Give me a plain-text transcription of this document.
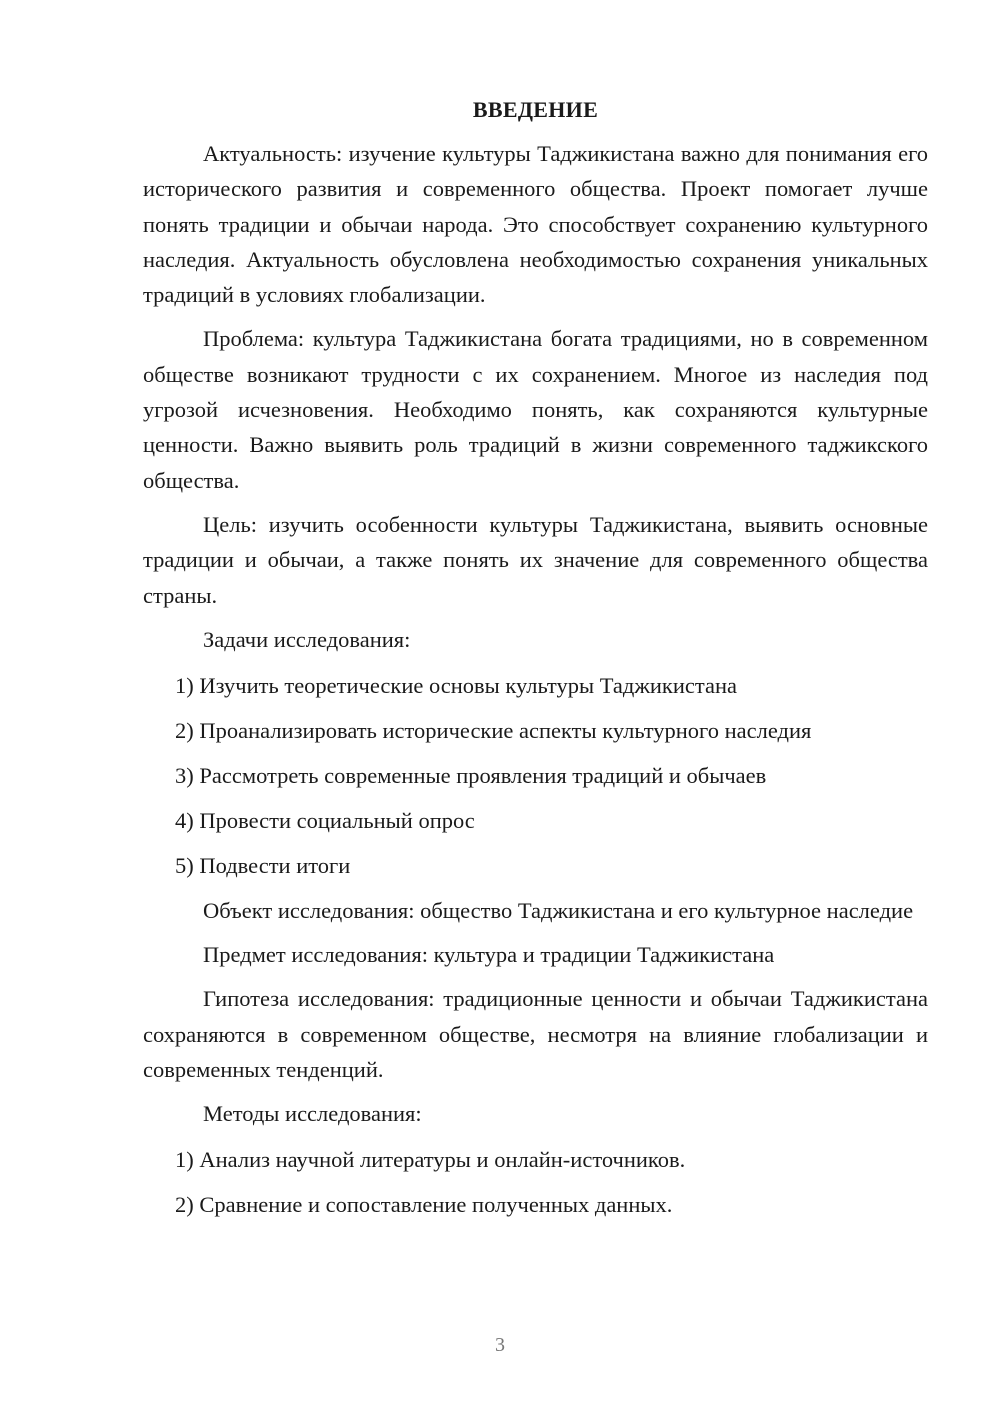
ВВЕДЕНИЕ

Актуальность: изучение культуры Таджикистана важно для понимания его исторического развития и современного общества. Проект помогает лучше понять традиции и обычаи народа. Это способствует сохранению культурного наследия. Актуальность обусловлена необходимостью сохранения уникальных традиций в условиях глобализации.

Проблема: культура Таджикистана богата традициями, но в современном обществе возникают трудности с их сохранением. Многое из наследия под угрозой исчезновения. Необходимо понять, как сохраняются культурные ценности. Важно выявить роль традиций в жизни современного таджикского общества.

Цель: изучить особенности культуры Таджикистана, выявить основные традиции и обычаи, а также понять их значение для современного общества страны.

Задачи исследования:
1) Изучить теоретические основы культуры Таджикистана
2) Проанализировать исторические аспекты культурного наследия
3) Рассмотреть современные проявления традиций и обычаев
4) Провести социальный опрос
5) Подвести итоги

Объект исследования: общество Таджикистана и его культурное наследие

Предмет исследования: культура и традиции Таджикистана

Гипотеза исследования: традиционные ценности и обычаи Таджикистана сохраняются в современном обществе, несмотря на влияние глобализации и современных тенденций.

Методы исследования:
1) Анализ научной литературы и онлайн-источников.
2) Сравнение и сопоставление полученных данных.
3
